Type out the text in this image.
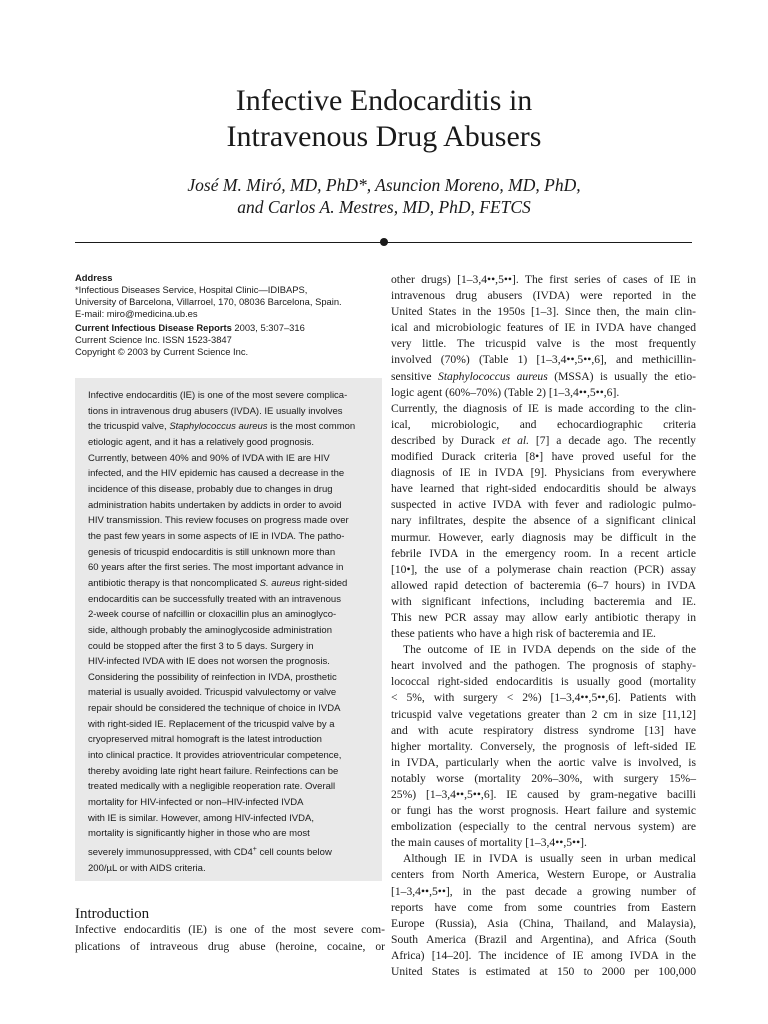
Infective Endocarditis in
Intravenous Drug Abusers
José M. Miró, MD, PhD*, Asuncion Moreno, MD, PhD,
and Carlos A. Mestres, MD, PhD, FETCS
Address
*Infectious Diseases Service, Hospital Clinic—IDIBAPS,
University of Barcelona, Villarroel, 170, 08036 Barcelona, Spain.
E-mail: miro@medicina.ub.es
Current Infectious Disease Reports 2003, 5:307–316
Current Science Inc. ISSN 1523-3847
Copyright © 2003 by Current Science Inc.
Infective endocarditis (IE) is one of the most severe complica-
tions in intravenous drug abusers (IVDA). IE usually involves
the tricuspid valve, Staphylococcus aureus is the most common
etiologic agent, and it has a relatively good prognosis.
Currently, between 40% and 90% of IVDA with IE are HIV
infected, and the HIV epidemic has caused a decrease in the
incidence of this disease, probably due to changes in drug
administration habits undertaken by addicts in order to avoid
HIV transmission. This review focuses on progress made over
the past few years in some aspects of IE in IVDA. The patho-
genesis of tricuspid endocarditis is still unknown more than
60 years after the first series. The most important advance in
antibiotic therapy is that noncomplicated S. aureus right-sided
endocarditis can be successfully treated with an intravenous
2-week course of nafcillin or cloxacillin plus an aminoglyco-
side, although probably the aminoglycoside administration
could be stopped after the first 3 to 5 days. Surgery in
HIV-infected IVDA with IE does not worsen the prognosis.
Considering the possibility of reinfection in IVDA, prosthetic
material is usually avoided. Tricuspid valvulectomy or valve
repair should be considered the technique of choice in IVDA
with right-sided IE. Replacement of the tricuspid valve by a
cryopreserved mitral homograft is the latest introduction
into clinical practice. It provides atrioventricular competence,
thereby avoiding late right heart failure. Reinfections can be
treated medically with a negligible reoperation rate. Overall
mortality for HIV-infected or non–HIV-infected IVDA
with IE is similar. However, among HIV-infected IVDA,
mortality is significantly higher in those who are most
severely immunosuppressed, with CD4+ cell counts below
200/µL or with AIDS criteria.
Introduction
Infective endocarditis (IE) is one of the most severe com-
plications of intraveous drug abuse (heroine, cocaine, or
other drugs) [1–3,4••,5••]. The first series of cases of IE in
intravenous drug abusers (IVDA) were reported in the
United States in the 1950s [1–3]. Since then, the main clin-
ical and microbiologic features of IE in IVDA have changed
very little. The tricuspid valve is the most frequently
involved (70%) (Table 1) [1–3,4••,5••,6], and methicillin-
sensitive Staphylococcus aureus (MSSA) is usually the etio-
logic agent (60%–70%) (Table 2) [1–3,4••,5••,6].
Currently, the diagnosis of IE is made according to the clin-
ical, microbiologic, and echocardiographic criteria
described by Durack et al. [7] a decade ago. The recently
modified Durack criteria [8•] have proved useful for the
diagnosis of IE in IVDA [9]. Physicians from everywhere
have learned that right-sided endocarditis should be always
suspected in active IVDA with fever and radiologic pulmo-
nary infiltrates, despite the absence of a significant clinical
murmur. However, early diagnosis may be difficult in the
febrile IVDA in the emergency room. In a recent article
[10•], the use of a polymerase chain reaction (PCR) assay
allowed rapid detection of bacteremia (6–7 hours) in IVDA
with significant infections, including bacteremia and IE.
This new PCR assay may allow early antibiotic therapy in
these patients who have a high risk of bacteremia and IE.
The outcome of IE in IVDA depends on the side of the
heart involved and the pathogen. The prognosis of staphy-
lococcal right-sided endocarditis is usually good (mortality
< 5%, with surgery < 2%) [1–3,4••,5••,6]. Patients with
tricuspid valve vegetations greater than 2 cm in size [11,12]
and with acute respiratory distress syndrome [13] have
higher mortality. Conversely, the prognosis of left-sided IE
in IVDA, particularly when the aortic valve is involved, is
notably worse (mortality 20%–30%, with surgery 15%–
25%) [1–3,4••,5••,6]. IE caused by gram-negative bacilli
or fungi has the worst prognosis. Heart failure and systemic
embolization (especially to the central nervous system) are
the main causes of mortality [1–3,4••,5••].
Although IE in IVDA is usually seen in urban medical
centers from North America, Western Europe, or Australia
[1–3,4••,5••], in the past decade a growing number of
reports have come from some countries from Eastern
Europe (Russia), Asia (China, Thailand, and Malaysia),
South America (Brazil and Argentina), and Africa (South
Africa) [14–20]. The incidence of IE among IVDA in the
United States is estimated at 150 to 2000 per 100,000
